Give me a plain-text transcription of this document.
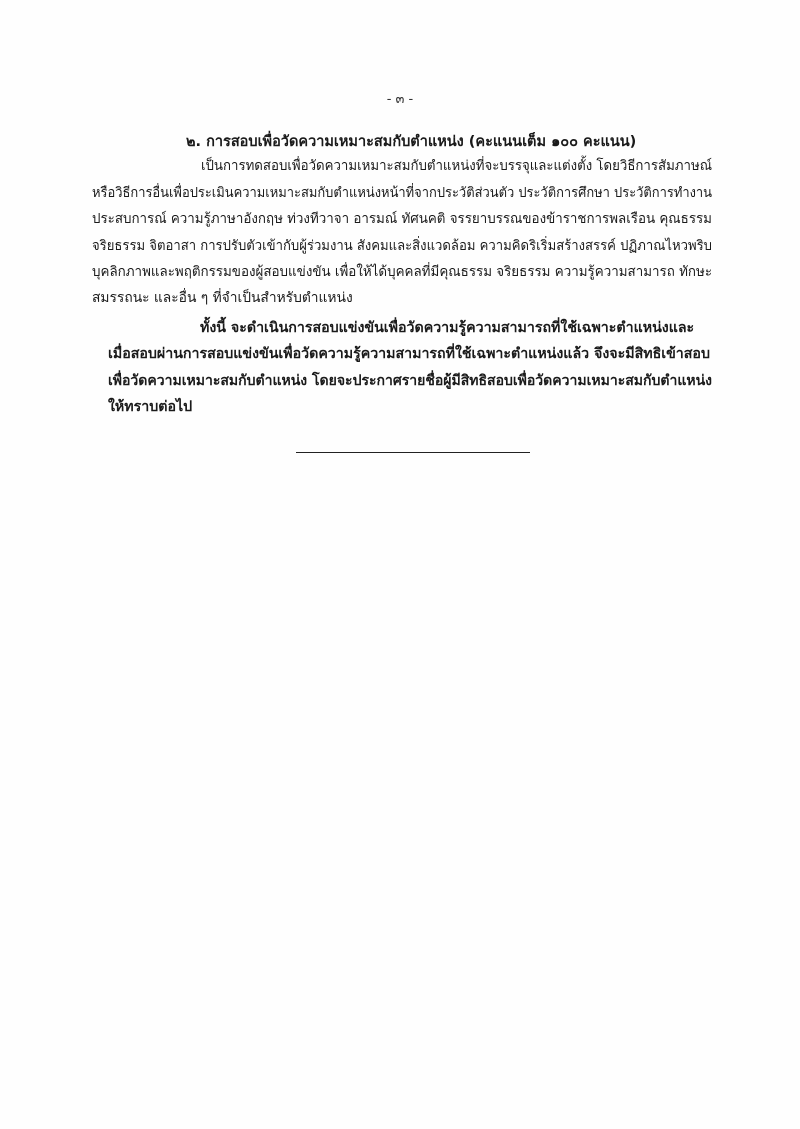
- ๓ -
๒. การสอบเพื่อวัดความเหมาะสมกับตำแหน่ง (คะแนนเต็ม ๑๐๐ คะแนน)
เป็นการทดสอบเพื่อวัดความเหมาะสมกับตำแหน่งที่จะบรรจุและแต่งตั้ง โดยวิธีการสัมภาษณ์
หรือวิธีการอื่นเพื่อประเมินความเหมาะสมกับตำแหน่งหน้าที่จากประวัติส่วนตัว ประวัติการศึกษา ประวัติการทำงาน
ประสบการณ์ ความรู้ภาษาอังกฤษ ท่วงทีวาจา อารมณ์ ทัศนคติ จรรยาบรรณของข้าราชการพลเรือน คุณธรรม
จริยธรรม จิตอาสา การปรับตัวเข้ากับผู้ร่วมงาน สังคมและสิ่งแวดล้อม ความคิดริเริ่มสร้างสรรค์ ปฏิภาณไหวพริบ
บุคลิกภาพและพฤติกรรมของผู้สอบแข่งขัน เพื่อให้ได้บุคคลที่มีคุณธรรม จริยธรรม ความรู้ความสามารถ ทักษะ
สมรรถนะ และอื่น ๆ ที่จำเป็นสำหรับตำแหน่ง
ทั้งนี้ จะดำเนินการสอบแข่งขันเพื่อวัดความรู้ความสามารถที่ใช้เฉพาะตำแหน่งและ
เมื่อสอบผ่านการสอบแข่งขันเพื่อวัดความรู้ความสามารถที่ใช้เฉพาะตำแหน่งแล้ว จึงจะมีสิทธิเข้าสอบ
เพื่อวัดความเหมาะสมกับตำแหน่ง โดยจะประกาศรายชื่อผู้มีสิทธิสอบเพื่อวัดความเหมาะสมกับตำแหน่ง
ให้ทราบต่อไป
